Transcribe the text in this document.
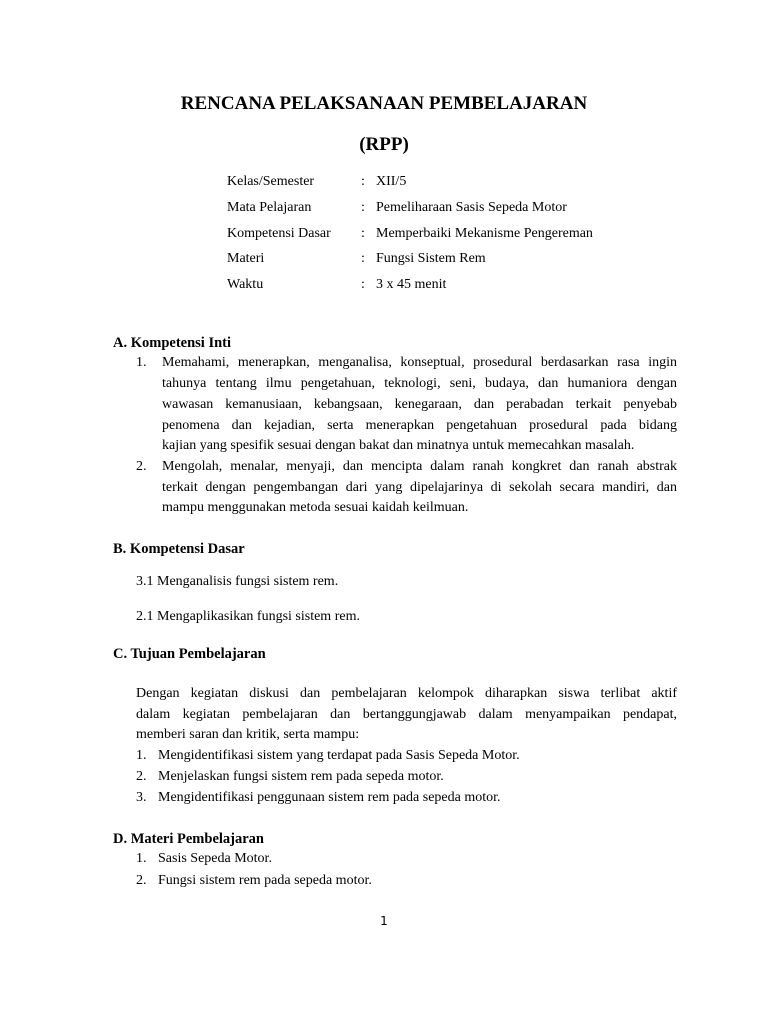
RENCANA PELAKSANAAN PEMBELAJARAN
(RPP)
Kelas/Semester	: XII/5
Mata Pelajaran	: Pemeliharaan Sasis Sepeda Motor
Kompetensi Dasar : Memperbaiki Mekanisme Pengereman
Materi	: Fungsi Sistem Rem
Waktu	: 3 x 45 menit
A. Kompetensi Inti
1. Memahami, menerapkan, menganalisa, konseptual, prosedural berdasarkan rasa ingin
tahunya tentang ilmu pengetahuan, teknologi, seni, budaya, dan humaniora dengan
wawasan kemanusiaan, kebangsaan, kenegaraan, dan perabadan terkait penyebab
penomena dan kejadian, serta menerapkan pengetahuan prosedural pada bidang
kajian yang spesifik sesuai dengan bakat dan minatnya untuk memecahkan masalah.
2. Mengolah, menalar, menyaji, dan mencipta dalam ranah kongkret dan ranah abstrak
terkait dengan pengembangan dari yang dipelajarinya di sekolah secara mandiri, dan
mampu menggunakan metoda sesuai kaidah keilmuan.
B. Kompetensi Dasar
3.1 Menganalisis fungsi sistem rem.
2.1 Mengaplikasikan fungsi sistem rem.
C. Tujuan Pembelajaran
Dengan kegiatan diskusi dan pembelajaran kelompok diharapkan siswa terlibat aktif
dalam kegiatan pembelajaran dan bertanggungjawab dalam menyampaikan pendapat,
memberi saran dan kritik, serta mampu:
1. Mengidentifikasi sistem yang terdapat pada Sasis Sepeda Motor.
2. Menjelaskan fungsi sistem rem pada sepeda motor.
3. Mengidentifikasi penggunaan sistem rem pada sepeda motor.
D. Materi Pembelajaran
1. Sasis Sepeda Motor.
2. Fungsi sistem rem pada sepeda motor.
1
